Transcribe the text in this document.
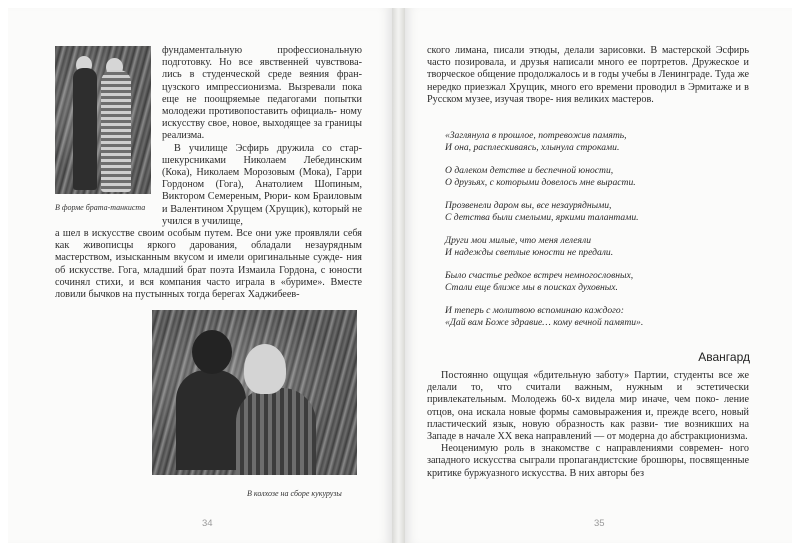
В форме брата-танкиста

фундаментальную профессиональную подготовку. Но все явственней чувствова- лись в студенческой среде веяния фран- цузского импрессионизма. Вызревали пока еще не поощряемые педагогами попытки молодежи противопоставить официаль- ному искусству свое, новое, выходящее за границы реализма.

В училище Эсфирь дружила со стар- шекурсниками Николаем Лебединским (Кока), Николаем Морозовым (Мока), Гарри Гордоном (Гога), Анатолием Шопиным, Виктором Семереным, Рюри- ком Браиловым и Валентином Хрущем (Хрущик), который не учился в училище,

а шел в искусстве своим особым путем. Все они уже проявляли себя как живописцы яркого дарования, обладали незаурядным мастерством, изысканным вкусом и имели оригинальные сужде- ния об искусстве. Гога, младший брат поэта Измаила Гордона, с юности сочинял стихи, и вся компания часто играла в «буриме». Вместе ловили бычков на пустынных тогда берегах Хаджибеев-

В колхозе на сборе кукурузы
34

ского лимана, писали этюды, делали зарисовки. В мастерской Эсфирь часто позировала, и друзья написали много ее портретов. Дружеское и творческое общение продолжалось и в годы учебы в Ленинграде. Туда же нередко приезжал Хрущик, много его времени проводил в Эрмитаже и в Русском музее, изучая творе- ния великих мастеров.

«Заглянула в прошлое, потревожив память,
И она, расплескиваясь, хлынула строками.
О далеком детстве и беспечной юности,
О друзьях, с которыми довелось мне вырасти.
Прозвенели даром вы, все незаурядными,
С детства были смелыми, яркими талантами.
Други мои милые, что меня лелеяли
И надежды светлые юности не предали.
Было счастье редкое встреч немногословных,
Стали еще ближе мы в поисках духовных.
И теперь с молитвою вспоминаю каждого:
«Дай вам Боже здравие… кому вечной памяти».
Авангард

Постоянно ощущая «бдительную заботу» Партии, студенты все же делали то, что считали важным, нужным и эстетически привлекательным. Молодежь 60-х видела мир иначе, чем поко- ление отцов, она искала новые формы самовыражения и, прежде всего, новый пластический язык, новую образность как разви- тие возникших на Западе в начале XX века направлений — от модерна до абстракционизма.

Неоценимую роль в знакомстве с направлениями современ- ного западного искусства сыграли пропагандистские брошюры, посвященные критике буржуазного искусства. В них авторы без

35
